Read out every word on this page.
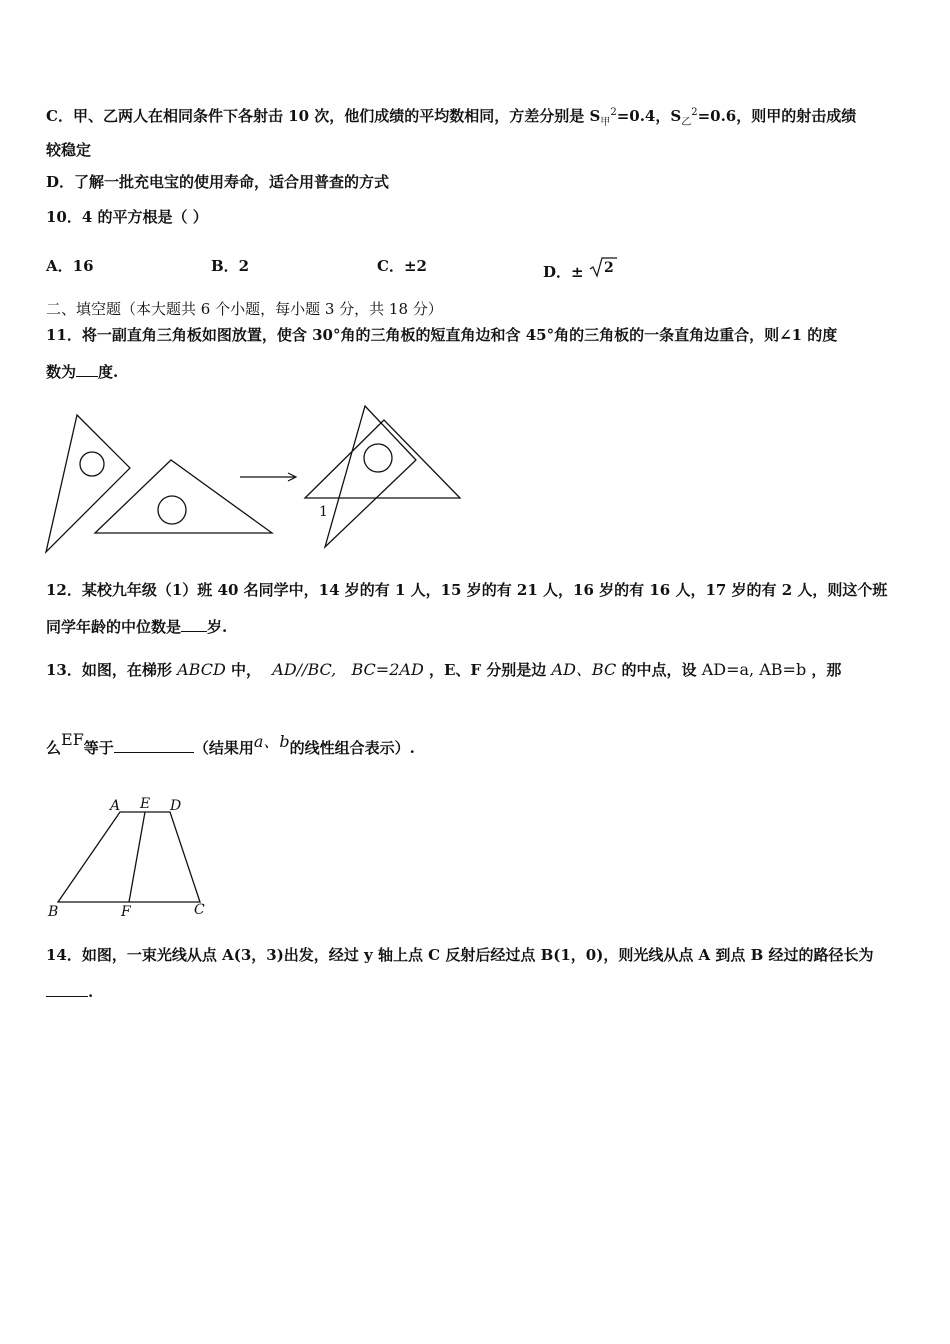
C．甲、乙两人在相同条件下各射击 10 次，他们成绩的平均数相同，方差分别是 $S_甲^2=0.4$，$S_乙^2=0.6$，则甲的射击成绩
较稳定
D．了解一批充电宝的使用寿命，适合用普查的方式
10．4 的平方根是（ ）
A．16	B．2	C．±2	D．± 2
二、填空题（本大题共 6 个小题，每小题 3 分，共 18 分）
11．将一副直角三角板如图放置，使含 30°角的三角板的短直角边和含 45°角的三角板的一条直角边重合，则∠1 的度
数为 度.
1
12．某校九年级（1）班 40 名同学中，14 岁的有 1 人，15 岁的有 21 人，16 岁的有 16 人，17 岁的有 2 人，则这个班
同学年龄的中位数是 岁.
13．如图，在梯形 ABCD 中， AD//BC, BC=2AD ，E、F 分别是边 AD、BC 的中点，设 AD=a, AB=b ，那
么EF等于	（结果用a、b的线性组合表示）.
A E D
B	F	C
14．如图，一束光线从点 A(3，3)出发，经过 y 轴上点 C 反射后经过点 B(1，0)，则光线从点 A 到点 B 经过的路径长为
.
